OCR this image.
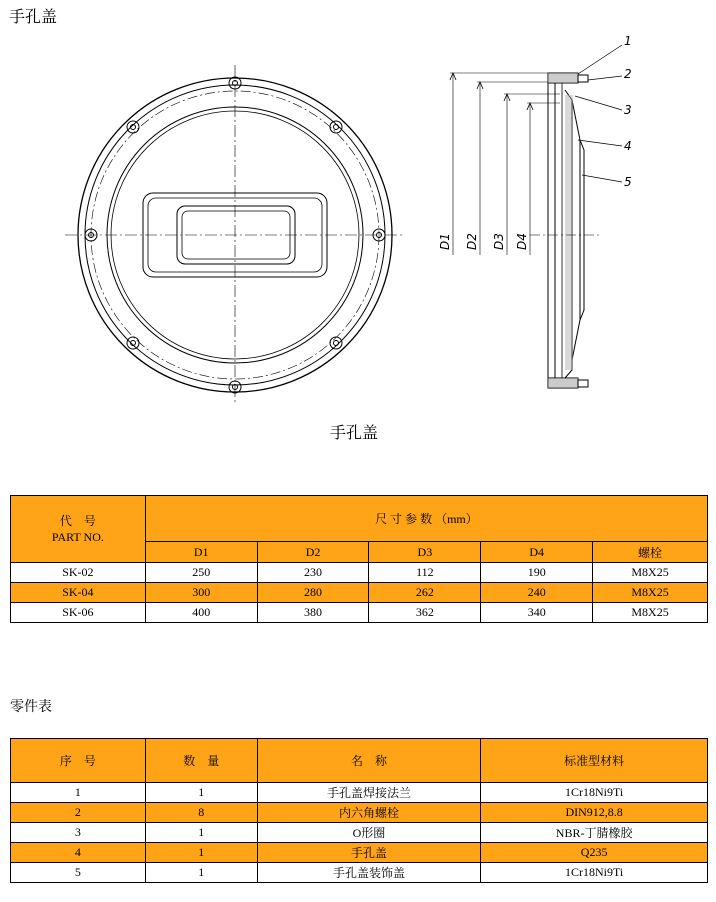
手孔盖
1
2
3
4
5
D1 D2 D3 D4
手孔盖
代　号
PART NO.	尺 寸 参 数 （mm）				
	D1	D2	D3	D4	螺栓
SK-02	250	230	112	190	M8X25
SK-04	300	280	262	240	M8X25
SK-06	400	380	362	340	M8X25
零件表
序　号	数　量	名　称	标准型材料
1	1	手孔盖焊接法兰	1Cr18Ni9Ti
2	8	内六角螺栓	DIN912,8.8
3	1	O形圈	NBR-丁腈橡胶
4	1	手孔盖	Q235
5	1	手孔盖装饰盖	1Cr18Ni9Ti
